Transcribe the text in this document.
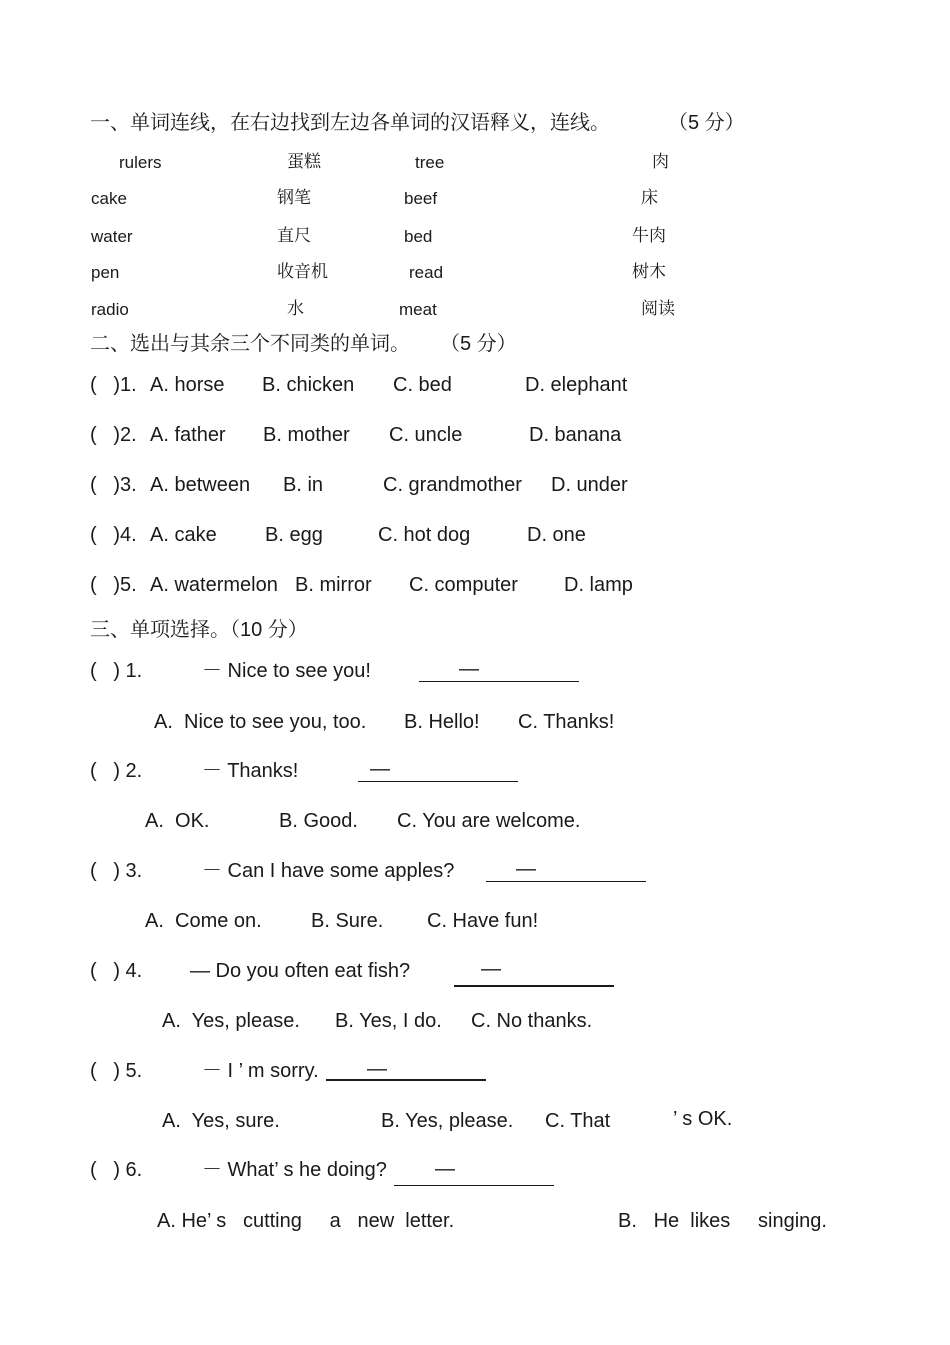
一、单词连线，在右边找到左边各单词的汉语释义，连线。	（5 分）
rulers	蛋糕	tree	肉
cake	钢笔	beef	床
water	直尺	bed	牛肉
pen	收音机	read	树木
radio	水	meat	阅读
二、选出与其余三个不同类的单词。 （5 分）
(   )1. A. horse B. chicken C. bed	D. elephant
(   )2. A. father B. mother C. uncle	D. banana
(   )3. A. between B. in	C. grandmother D. under
(   )4. A. cake B. egg	C. hot dog	D. one
(   )5. A. watermelon B. mirror C. computer D. lamp
三、单项选择。（10 分）
(   ) 1.	－ Nice to see you!	—
A.  Nice to see you, too. B. Hello! C. Thanks!
(   ) 2.	－ Thanks!	—
A.  OK.	B. Good. C. You are welcome.
(   ) 3.	－ Can I have some apples?	—
A.  Come on. B. Sure. C. Have fun!
(   ) 4. — Do you often eat fish?	—
A.  Yes, please. B. Yes, I do. C. No thanks.
(   ) 5.	－ I ’ m sorry. —
A.  Yes, sure.	B. Yes, please. C. That	’ s OK.
(   ) 6.	－ What’ s he doing? —
A. He’ s   cutting     a   new  letter.	B.   He  likes     singing.
